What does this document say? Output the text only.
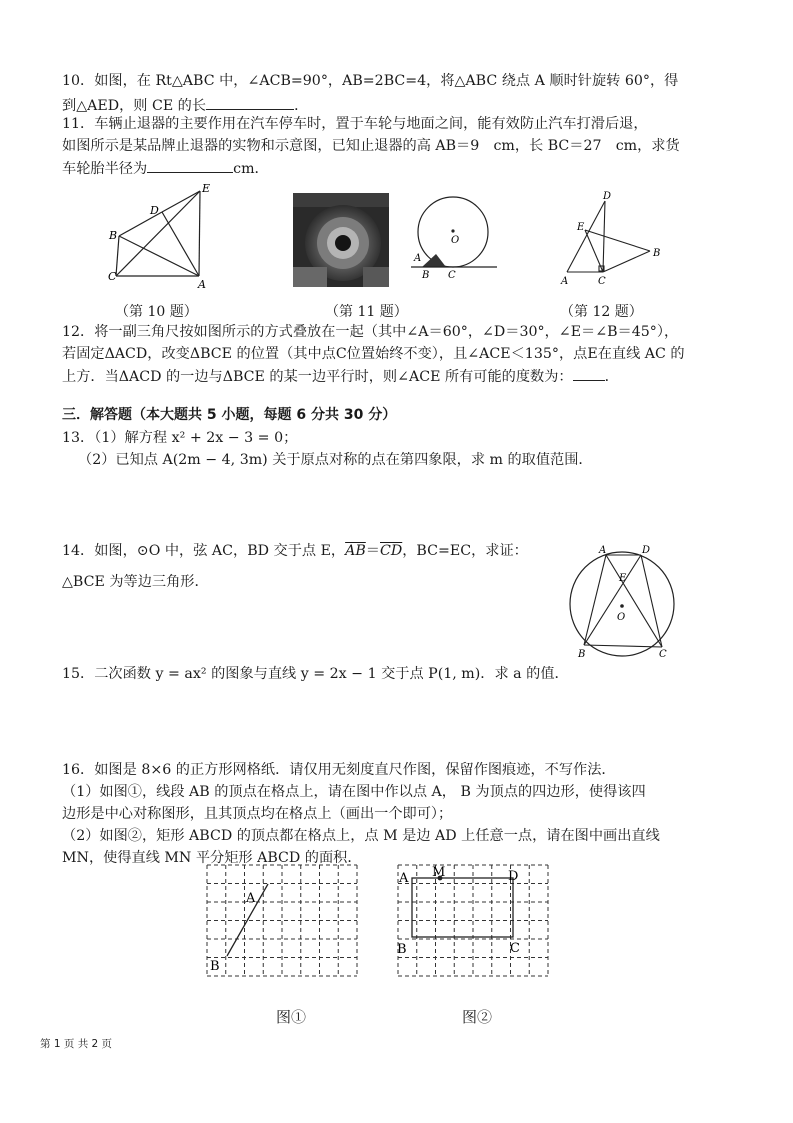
10．如图，在 Rt△ABC 中，∠ACB=90°，AB=2BC=4，将△ABC 绕点 A 顺时针旋转 60°，得
到△AED，则 CE 的长	．
11．车辆止退器的主要作用在汽车停车时，置于车轮与地面之间，能有效防止汽车打滑后退，
如图所示是某品牌止退器的实物和示意图，已知止退器的高 AB＝9　cm，长 BC＝27　cm，求货
车轮胎半径为	cm．
E
D
B
C
A
（第 10 题）
O
A
B C
（第 11 题）
D
E
B
A	C
（第 12 题）
12．将一副三角尺按如图所示的方式叠放在一起（其中∠A＝60°，∠D＝30°，∠E＝∠B＝45°），
若固定ΔACD，改变ΔBCE 的位置（其中点C位置始终不变），且∠ACE＜135°，点E在直线 AC 的
上方．当ΔACD 的一边与ΔBCE 的某一边平行时，则∠ACE 所有可能的度数为： ．
三．解答题（本大题共 5 小题，每题 6 分共 30 分）
13．（1）解方程 x² + 2x − 3 = 0；
（2）已知点 A(2m − 4, 3m) 关于原点对称的点在第四象限，求 m 的取值范围．
14．如图，⊙O 中，弦 AC，BD 交于点 E，$\overline{AB}=\overline{CD}$，BC=EC，求证：
△BCE 为等边三角形．
A	D
E
O
B	C
15．二次函数 y = ax² 的图象与直线 y = 2x − 1 交于点 P(1, m)．求 a 的值．
16．如图是 8×6 的正方形网格纸．请仅用无刻度直尺作图，保留作图痕迹，不写作法．
（1）如图①，线段 AB 的顶点在格点上，请在图中作以点 A， B 为顶点的四边形，使得该四
边形是中心对称图形，且其顶点均在格点上（画出一个即可）；
（2）如图②，矩形 ABCD 的顶点都在格点上，点 M 是边 AD 上任意一点，请在图中画出直线
MN，使得直线 MN 平分矩形 ABCD 的面积．
A
B
A M	D
B	C
图①	图②
第 1 页 共 2 页
